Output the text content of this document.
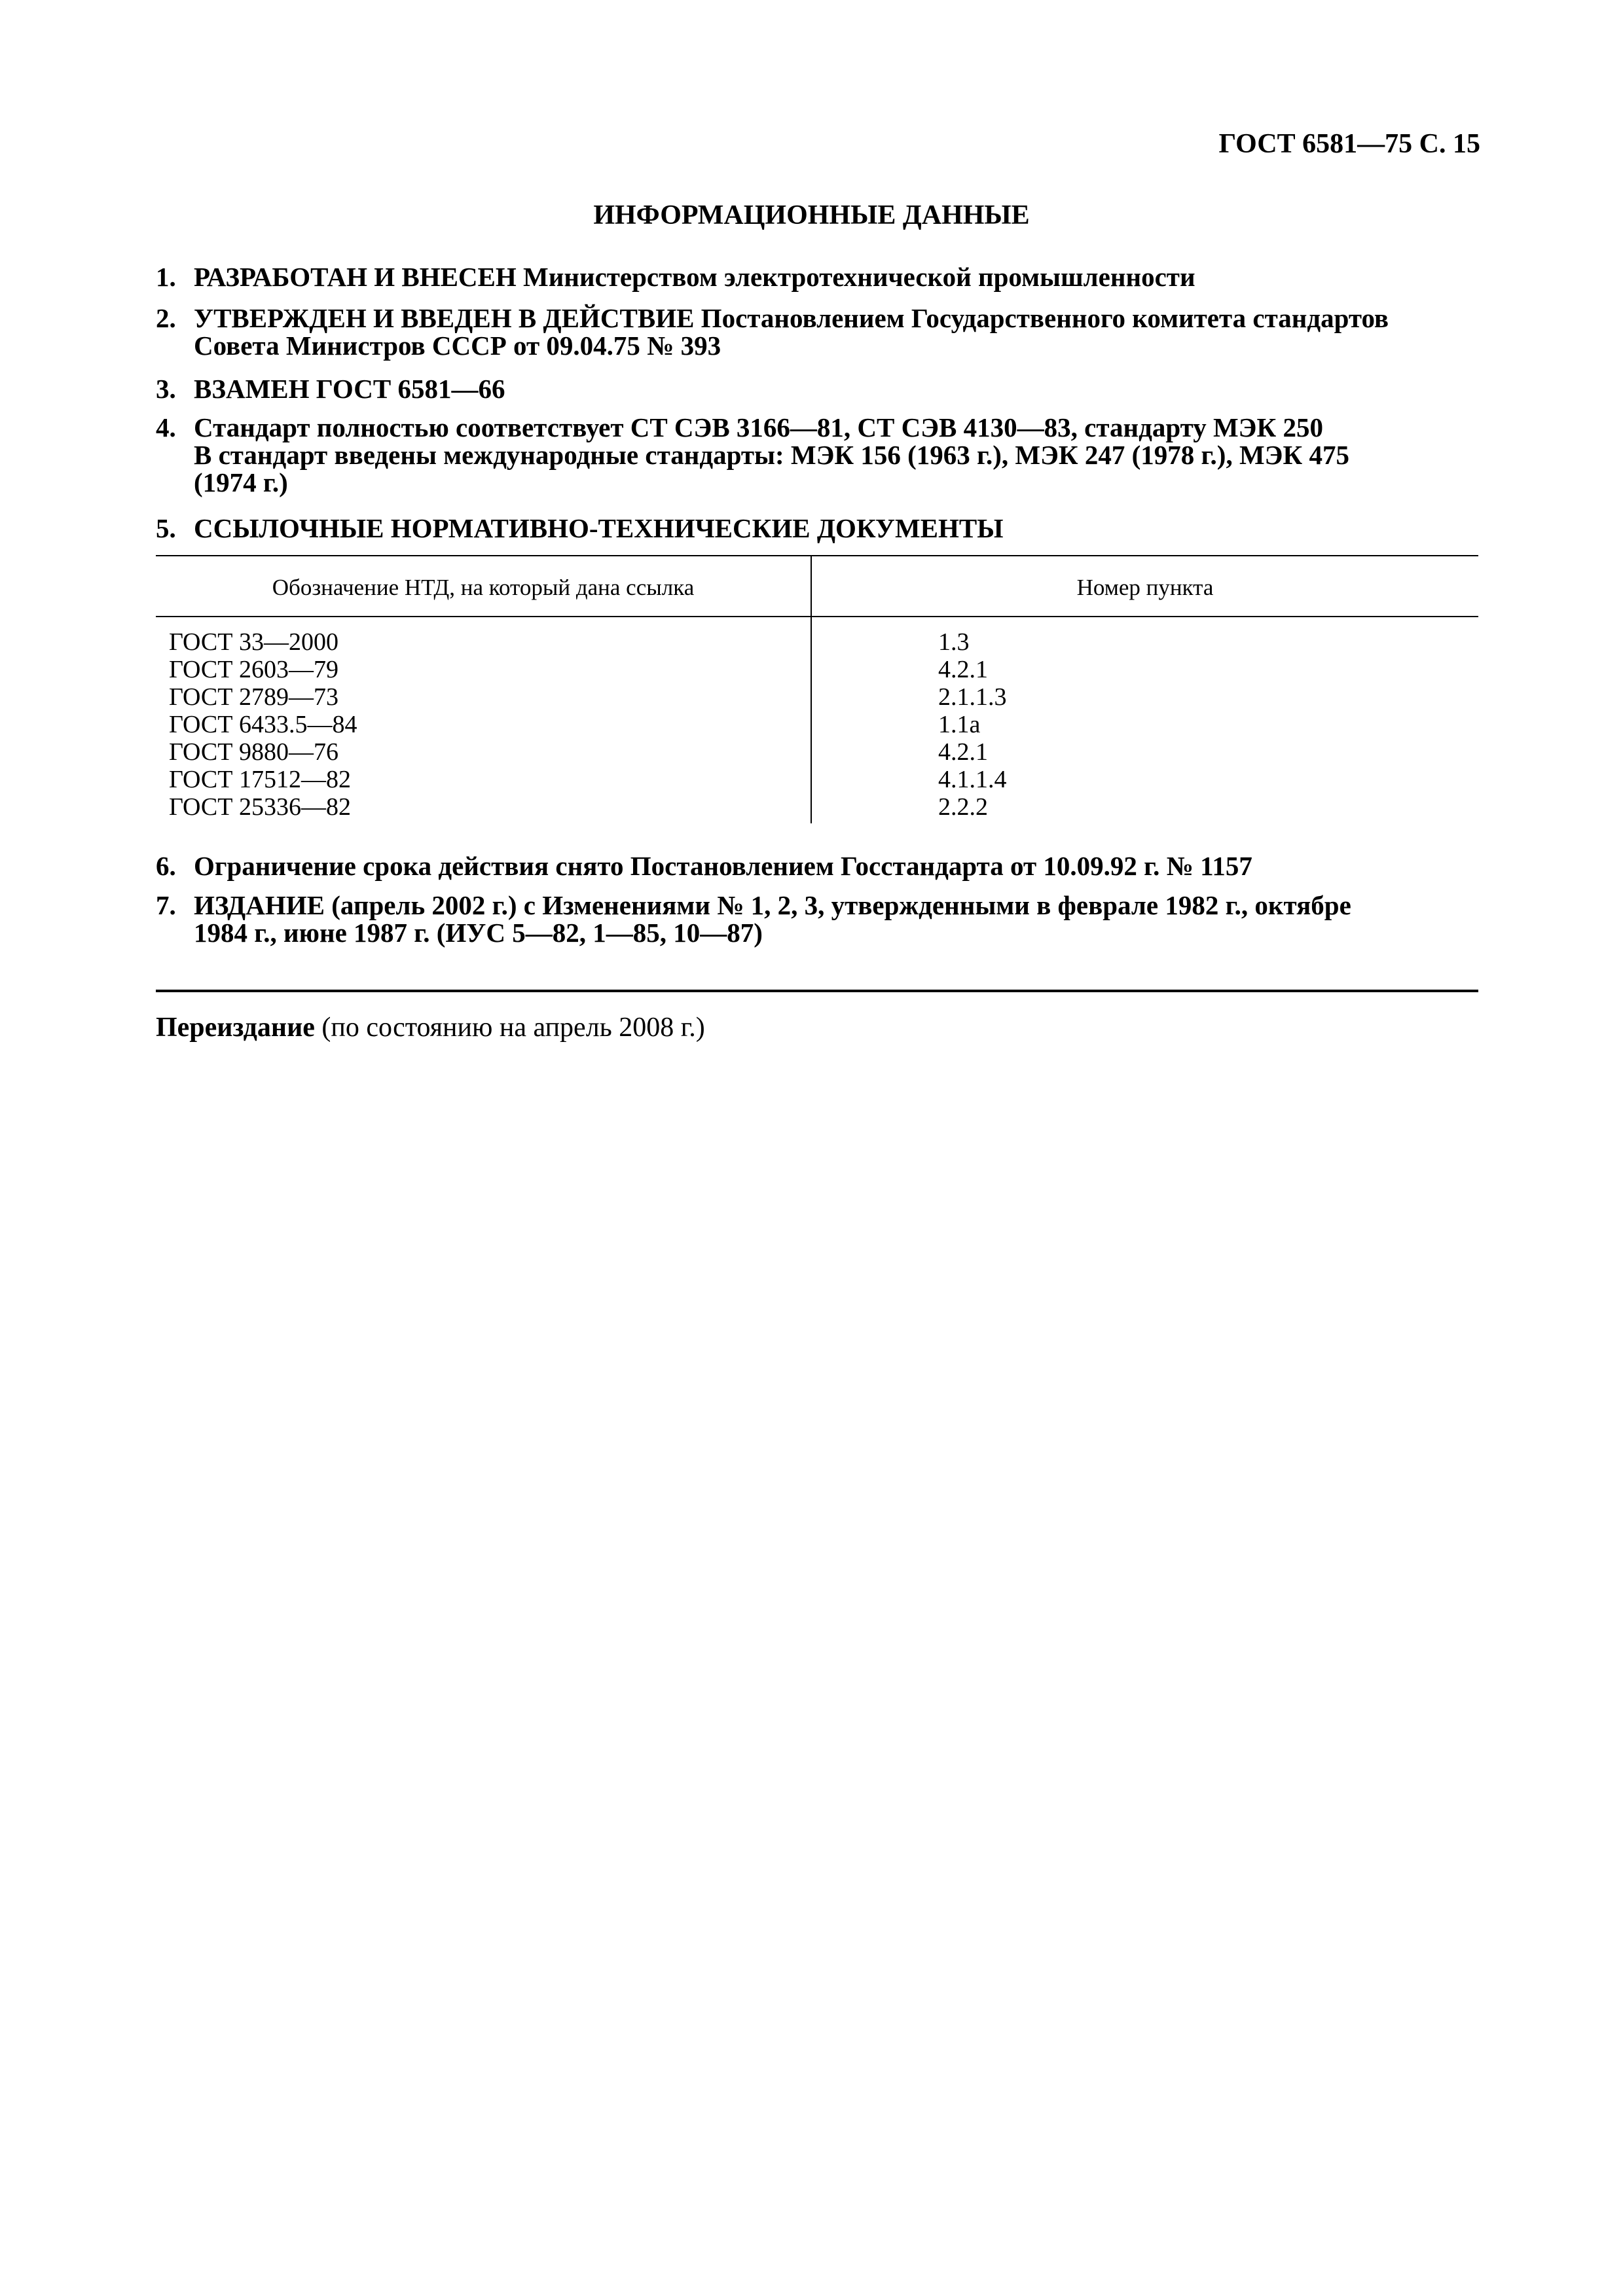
ГОСТ 6581—75 С. 15
ИНФОРМАЦИОННЫЕ ДАННЫЕ
1. РАЗРАБОТАН И ВНЕСЕН Министерством электротехнической промышленности
2. УТВЕРЖДЕН И ВВЕДЕН В ДЕЙСТВИЕ Постановлением Государственного комитета стандартов
Совета Министров СССР от 09.04.75 № 393
3. ВЗАМЕН ГОСТ 6581—66
4. Стандарт полностью соответствует СТ СЭВ 3166—81, СТ СЭВ 4130—83, стандарту МЭК 250
В стандарт введены международные стандарты: МЭК 156 (1963 г.), МЭК 247 (1978 г.), МЭК 475
(1974 г.)
5. ССЫЛОЧНЫЕ НОРМАТИВНО-ТЕХНИЧЕСКИЕ ДОКУМЕНТЫ
Обозначение НТД, на который дана ссылка	Номер пункта
ГОСТ 33—2000	1.3
ГОСТ 2603—79	4.2.1
ГОСТ 2789—73	2.1.1.3
ГОСТ 6433.5—84	1.1а
ГОСТ 9880—76	4.2.1
ГОСТ 17512—82	4.1.1.4
ГОСТ 25336—82	2.2.2
6. Ограничение срока действия снято Постановлением Госстандарта от 10.09.92 г. № 1157
7. ИЗДАНИЕ (апрель 2002 г.) с Изменениями № 1, 2, 3, утвержденными в феврале 1982 г., октябре
1984 г., июне 1987 г. (ИУС 5—82, 1—85, 10—87)
Переиздание (по состоянию на апрель 2008 г.)
